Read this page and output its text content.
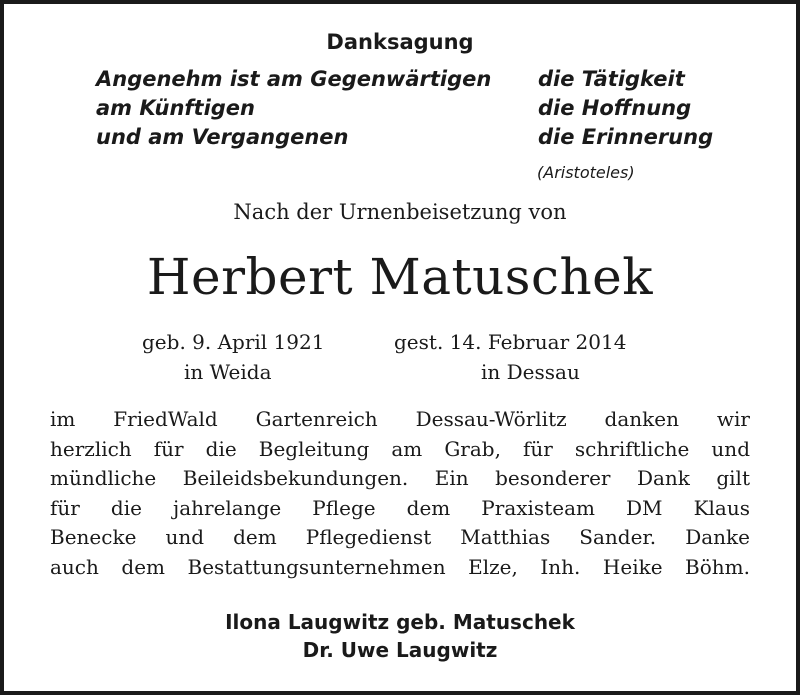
Danksagung
Angenehm ist am Gegenwärtigen die Tätigkeit
am Künftigen	die Hoffnung
und am Vergangenen	die Erinnerung
(Aristoteles)
Nach der Urnenbeisetzung von
Herbert Matuschek
geb. 9. April 1921
in Weida
gest. 14. Februar 2014
in Dessau
im FriedWald Gartenreich Dessau-Wörlitz danken wir
herzlich für die Begleitung am Grab, für schriftliche und
mündliche Beileidsbekundungen. Ein besonderer Dank gilt
für die jahrelange Pflege dem Praxisteam DM Klaus
Benecke und dem Pflegedienst Matthias Sander. Danke
auch dem Bestattungsunternehmen Elze, Inh. Heike Böhm.
Ilona Laugwitz geb. Matuschek
Dr. Uwe Laugwitz
